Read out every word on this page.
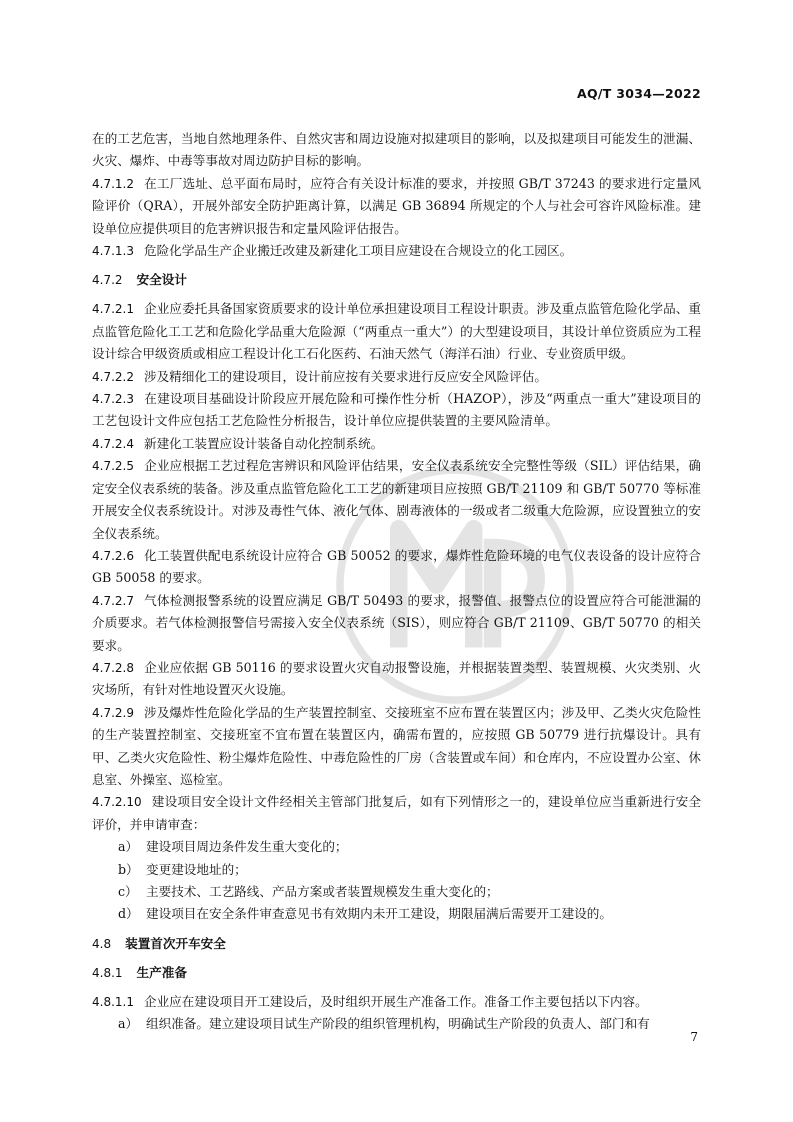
AQ/T 3034—2022

在的工艺危害，当地自然地理条件、自然灾害和周边设施对拟建项目的影响，以及拟建项目可能发生的泄漏、火灾、爆炸、中毒等事故对周边防护目标的影响。

4.7.1.2 在工厂选址、总平面布局时，应符合有关设计标准的要求，并按照 GB/T 37243 的要求进行定量风险评价（QRA），开展外部安全防护距离计算，以满足 GB 36894 所规定的个人与社会可容许风险标准。建设单位应提供项目的危害辨识报告和定量风险评估报告。

4.7.1.3 危险化学品生产企业搬迁改建及新建化工项目应建设在合规设立的化工园区。

4.7.2 安全设计

4.7.2.1 企业应委托具备国家资质要求的设计单位承担建设项目工程设计职责。涉及重点监管危险化学品、重点监管危险化工工艺和危险化学品重大危险源（“两重点一重大”）的大型建设项目，其设计单位资质应为工程设计综合甲级资质或相应工程设计化工石化医药、石油天然气（海洋石油）行业、专业资质甲级。

4.7.2.2 涉及精细化工的建设项目，设计前应按有关要求进行反应安全风险评估。

4.7.2.3 在建设项目基础设计阶段应开展危险和可操作性分析（HAZOP），涉及“两重点一重大”建设项目的工艺包设计文件应包括工艺危险性分析报告，设计单位应提供装置的主要风险清单。

4.7.2.4 新建化工装置应设计装备自动化控制系统。

4.7.2.5 企业应根据工艺过程危害辨识和风险评估结果，安全仪表系统安全完整性等级（SIL）评估结果，确定安全仪表系统的装备。涉及重点监管危险化工工艺的新建项目应按照 GB/T 21109 和 GB/T 50770 等标准开展安全仪表系统设计。对涉及毒性气体、液化气体、剧毒液体的一级或者二级重大危险源，应设置独立的安全仪表系统。

4.7.2.6 化工装置供配电系统设计应符合 GB 50052 的要求，爆炸性危险环境的电气仪表设备的设计应符合 GB 50058 的要求。

4.7.2.7 气体检测报警系统的设置应满足 GB/T 50493 的要求，报警值、报警点位的设置应符合可能泄漏的介质要求。若气体检测报警信号需接入安全仪表系统（SIS），则应符合 GB/T 21109、GB/T 50770 的相关要求。

4.7.2.8 企业应依据 GB 50116 的要求设置火灾自动报警设施，并根据装置类型、装置规模、火灾类别、火灾场所，有针对性地设置灭火设施。

4.7.2.9 涉及爆炸性危险化学品的生产装置控制室、交接班室不应布置在装置区内；涉及甲、乙类火灾危险性的生产装置控制室、交接班室不宜布置在装置区内，确需布置的，应按照 GB 50779 进行抗爆设计。具有甲、乙类火灾危险性、粉尘爆炸危险性、中毒危险性的厂房（含装置或车间）和仓库内，不应设置办公室、休息室、外操室、巡检室。

4.7.2.10 建设项目安全设计文件经相关主管部门批复后，如有下列情形之一的，建设单位应当重新进行安全评价，并申请审查：

a） 建设项目周边条件发生重大变化的；
b） 变更建设地址的；
c） 主要技术、工艺路线、产品方案或者装置规模发生重大变化的；
d） 建设项目在安全条件审查意见书有效期内未开工建设，期限届满后需要开工建设的。
4.8 装置首次开车安全
4.8.1 生产准备

4.8.1.1 企业应在建设项目开工建设后，及时组织开展生产准备工作。准备工作主要包括以下内容。

a） 组织准备。建立建设项目试生产阶段的组织管理机构，明确试生产阶段的负责人、部门和有
7
